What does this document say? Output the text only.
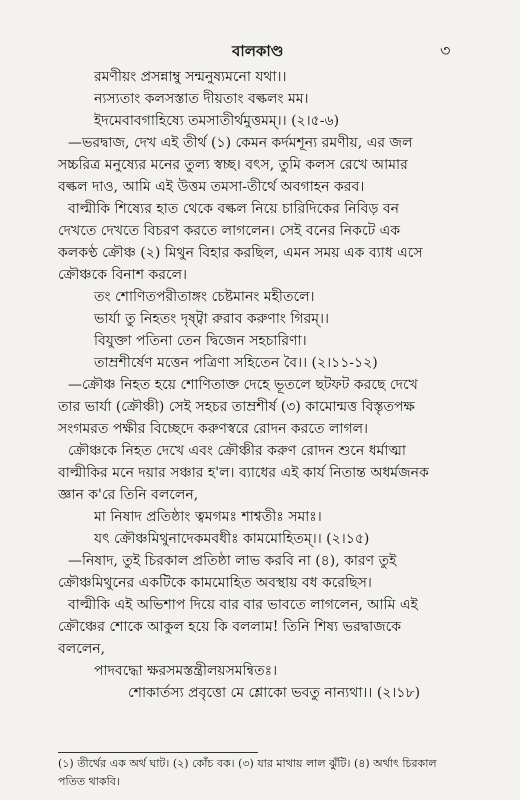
বালকাণ্ড	৩
রমণীয়ং প্রসন্নাম্বু সন্মনুষ্যমনো যথা।।
ন্যস্যতাং কলসস্তাত দীয়তাং বল্কলং মম।
ইদমেবাবগাহিষ্যে তমসাতীর্থমুত্তমম্।। (২।৫-৬)
—ভরদ্বাজ, দেখ এই তীর্থ (১) কেমন কর্দমশূন্য রমণীয়, এর জল
সচ্চরিত্র মনুষ্যের মনের তুল্য স্বচ্ছ। বৎস, তুমি কলস রেখে আমার
বল্কল দাও, আমি এই উত্তম তমসা-তীর্থে অবগাহন করব।
বাল্মীকি শিষ্যের হাত থেকে বল্কল নিয়ে চারিদিকের নিবিড় বন
দেখতে দেখতে বিচরণ করতে লাগলেন। সেই বনের নিকটে এক
কলকণ্ঠ ক্রৌঞ্চ (২) মিথুন বিহার করছিল, এমন সময় এক ব্যাধ এসে
ক্রৌঞ্চকে বিনাশ করলে।
তং শোণিতপরীতাঙ্গং চেষ্টমানং মহীতলে।
ভার্যা তু নিহতং দৃষ্ট্বা রুরাব করুণাং গিরম্।।
বিযুক্তা পতিনা তেন দ্বিজেন সহচারিণা।
তাম্রশীর্ষেণ মত্তেন পত্রিণা সহিতেন বৈ।। (২।১১-১২)
—ক্রৌঞ্চ নিহত হয়ে শোণিতাক্ত দেহে ভূতলে ছটফট করছে দেখে
তার ভার্যা (ক্রৌঞ্চী) সেই সহচর তাম্রশীর্ষ (৩) কামোন্মত্ত বিস্তৃতপক্ষ
সংগমরত পক্ষীর বিচ্ছেদে করুণস্বরে রোদন করতে লাগল।
ক্রৌঞ্চকে নিহত দেখে এবং ক্রৌঞ্চীর করুণ রোদন শুনে ধর্মাত্মা
বাল্মীকির মনে দয়ার সঞ্চার হ'ল। ব্যাধের এই কার্য নিতান্ত অধর্মজনক
জ্ঞান ক'রে তিনি বললেন,
মা নিষাদ প্রতিষ্ঠাং ত্বমগমঃ শাশ্বতীঃ সমাঃ।
যৎ ক্রৌঞ্চমিথুনাদেকমবধীঃ কামমোহিতম্।। (২।১৫)
—নিষাদ, তুই চিরকাল প্রতিষ্ঠা লাভ করবি না (৪), কারণ তুই
ক্রৌঞ্চমিথুনের একটিকে কামমোহিত অবস্থায় বধ করেছিস।
বাল্মীকি এই অভিশাপ দিয়ে বার বার ভাবতে লাগলেন, আমি এই
ক্রৌঞ্চের শোকে আকুল হয়ে কি বললাম! তিনি শিষ্য ভরদ্বাজকে
বললেন,
পাদবদ্ধো ক্ষরসমস্তন্ত্রীলয়সমন্বিতঃ।
শোকার্তস্য প্রবৃত্তো মে শ্লোকো ভবতু নান্যথা।। (২।১৮)
(১) তীর্থের এক অর্থ ঘাট। (২) কোঁচ বক। (৩) যার মাথায় লাল ঝুঁটি। (৪) অর্থাৎ চিরকাল
পতিত থাকবি।
